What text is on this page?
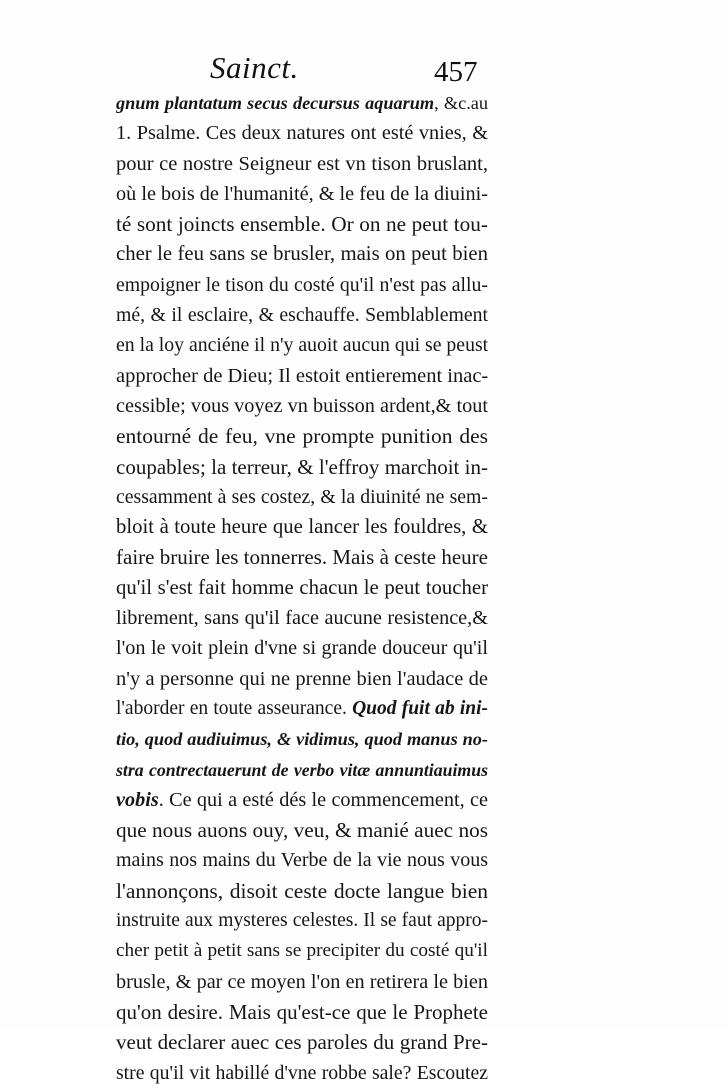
Sainct.	457
gnum plantatum secus decursus aquarum, &c.au
1. Psalme. Ces deux natures ont esté vnies, &
pour ce nostre Seigneur est vn tison bruslant,
où le bois de l'humanité, & le feu de la diuini-
té sont joincts ensemble. Or on ne peut tou-
cher le feu sans se brusler, mais on peut bien
empoigner le tison du costé qu'il n'est pas allu-
mé, & il esclaire, & eschauffe. Semblablement
en la loy anciéne il n'y auoit aucun qui se peust
approcher de Dieu; Il estoit entierement inac-
cessible; vous voyez vn buisson ardent,& tout
entourné de feu, vne prompte punition des
coupables; la terreur, & l'effroy marchoit in-
cessamment à ses costez, & la diuinité ne sem-
bloit à toute heure que lancer les fouldres, &
faire bruire les tonnerres. Mais à ceste heure
qu'il s'est fait homme chacun le peut toucher
librement, sans qu'il face aucune resistence,&
l'on le voit plein d'vne si grande douceur qu'il
n'y a personne qui ne prenne bien l'audace de
l'aborder en toute asseurance. Quod fuit ab ini-
tio, quod audiuimus, & vidimus, quod manus no-
stra contrectauerunt de verbo vitæ annuntiauimus
vobis. Ce qui a esté dés le commencement, ce
que nous auons ouy, veu, & manié auec nos
mains nos mains du Verbe de la vie nous vous
l'annonçons, disoit ceste docte langue bien
instruite aux mysteres celestes. Il se faut appro-
cher petit à petit sans se precipiter du costé qu'il
brusle, & par ce moyen l'on en retirera le bien
qu'on desire. Mais qu'est-ce que le Prophete
veut declarer auec ces paroles du grand Pre-
stre qu'il vit habillé d'vne robbe sale? Escoutez
